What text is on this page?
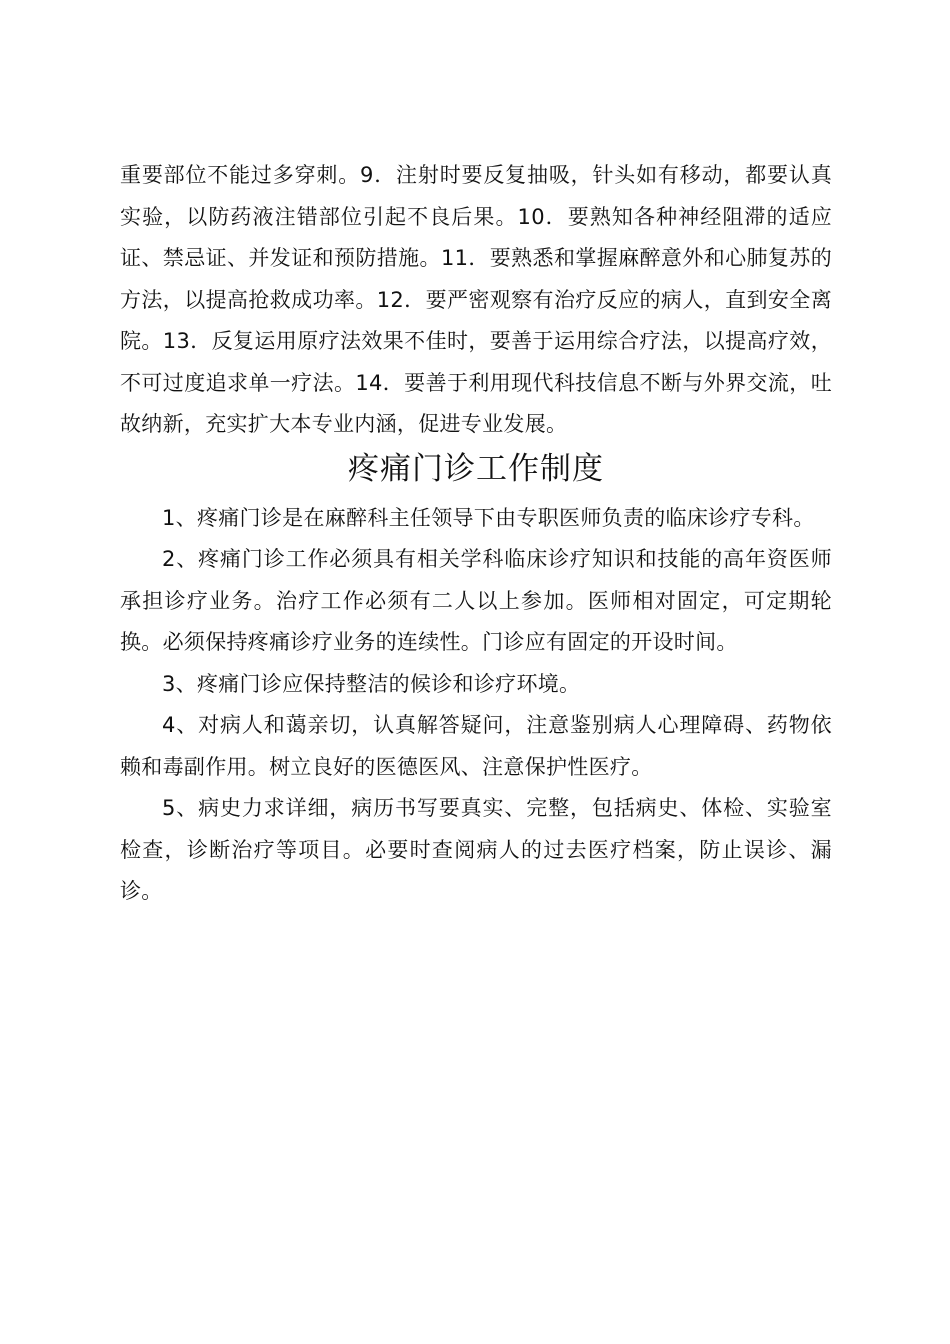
重要部位不能过多穿刺。9．注射时要反复抽吸，针头如有移动，都要认真实验，以防药液注错部位引起不良后果。10．要熟知各种神经阻滞的适应证、禁忌证、并发证和预防措施。11．要熟悉和掌握麻醉意外和心肺复苏的方法，以提高抢救成功率。12．要严密观察有治疗反应的病人，直到安全离院。13．反复运用原疗法效果不佳时，要善于运用综合疗法，以提高疗效，不可过度追求单一疗法。14．要善于利用现代科技信息不断与外界交流，吐故纳新，充实扩大本专业内涵，促进专业发展。

疼痛门诊工作制度

1、疼痛门诊是在麻醉科主任领导下由专职医师负责的临床诊疗专科。

2、疼痛门诊工作必须具有相关学科临床诊疗知识和技能的高年资医师承担诊疗业务。治疗工作必须有二人以上参加。医师相对固定，可定期轮换。必须保持疼痛诊疗业务的连续性。门诊应有固定的开设时间。

3、疼痛门诊应保持整洁的候诊和诊疗环境。

4、对病人和蔼亲切，认真解答疑问，注意鉴别病人心理障碍、药物依赖和毒副作用。树立良好的医德医风、注意保护性医疗。

5、病史力求详细，病历书写要真实、完整，包括病史、体检、实验室检查，诊断治疗等项目。必要时查阅病人的过去医疗档案，防止误诊、漏诊。
